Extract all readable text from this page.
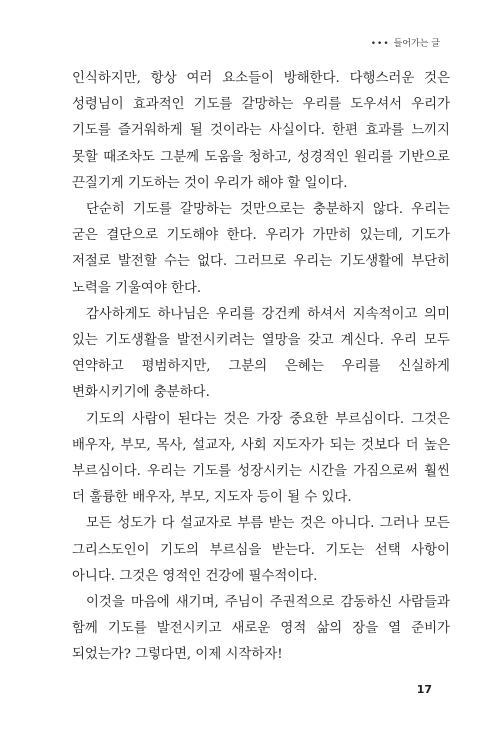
••• 들어가는 글

인식하지만, 항상 여러 요소들이 방해한다. 다행스러운 것은 성령님이 효과적인 기도를 갈망하는 우리를 도우셔서 우리가 기도를 즐거워하게 될 것이라는 사실이다. 한편 효과를 느끼지 못할 때조차도 그분께 도움을 청하고, 성경적인 원리를 기반으로 끈질기게 기도하는 것이 우리가 해야 할 일이다.

단순히 기도를 갈망하는 것만으로는 충분하지 않다. 우리는 굳은 결단으로 기도해야 한다. 우리가 가만히 있는데, 기도가 저절로 발전할 수는 없다. 그러므로 우리는 기도생활에 부단히 노력을 기울여야 한다.

감사하게도 하나님은 우리를 강건케 하셔서 지속적이고 의미 있는 기도생활을 발전시키려는 열망을 갖고 계신다. 우리 모두 연약하고 평범하지만, 그분의 은혜는 우리를 신실하게 변화시키기에 충분하다.

기도의 사람이 된다는 것은 가장 중요한 부르심이다. 그것은 배우자, 부모, 목사, 설교자, 사회 지도자가 되는 것보다 더 높은 부르심이다. 우리는 기도를 성장시키는 시간을 가짐으로써 훨씬 더 훌륭한 배우자, 부모, 지도자 등이 될 수 있다.

모든 성도가 다 설교자로 부름 받는 것은 아니다. 그러나 모든 그리스도인이 기도의 부르심을 받는다. 기도는 선택 사항이 아니다. 그것은 영적인 건강에 필수적이다.

이것을 마음에 새기며, 주님이 주권적으로 감동하신 사람들과 함께 기도를 발전시키고 새로운 영적 삶의 장을 열 준비가 되었는가? 그렇다면, 이제 시작하자!

17
